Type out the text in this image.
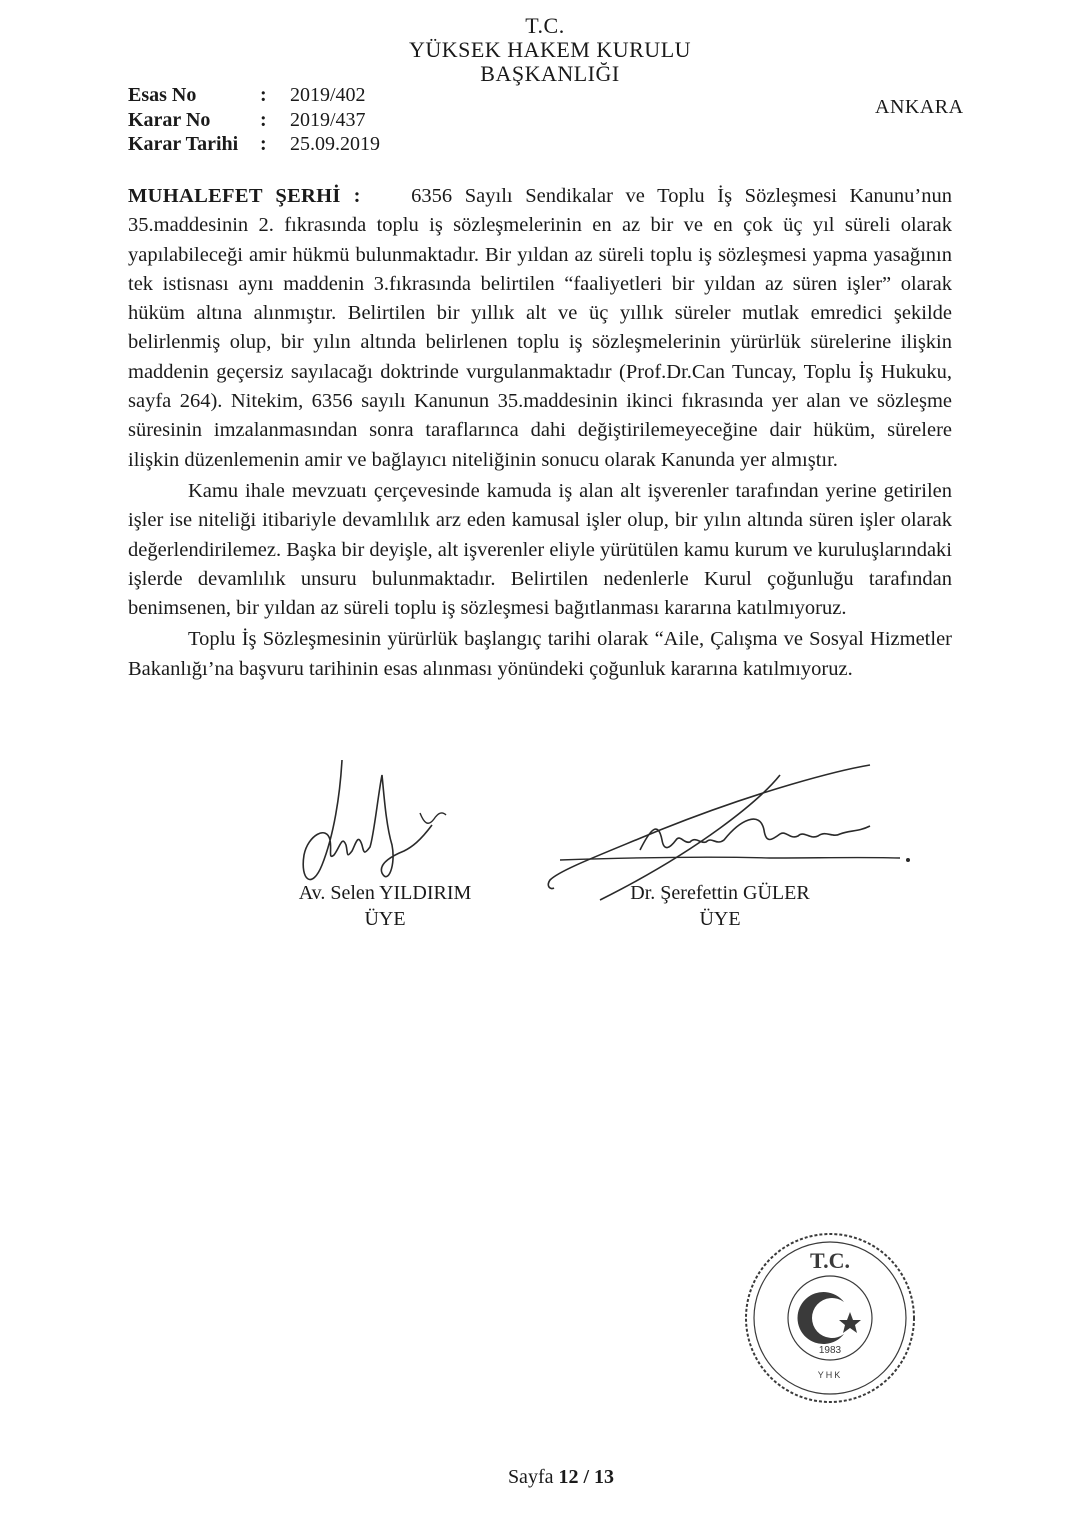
T.C.
YÜKSEK HAKEM KURULU
BAŞKANLIĞI
Esas No	:	2019/402
Karar No	:	2019/437
Karar Tarihi	:	25.09.2019
ANKARA

MUHALEFET ŞERHİ : 6356 Sayılı Sendikalar ve Toplu İş Sözleşmesi Kanunu’nun 35.maddesinin 2. fıkrasında toplu iş sözleşmelerinin en az bir ve en çok üç yıl süreli olarak yapılabileceği amir hükmü bulunmaktadır. Bir yıldan az süreli toplu iş sözleşmesi yapma yasağının tek istisnası aynı maddenin 3.fıkrasında belirtilen “faaliyetleri bir yıldan az süren işler” olarak hüküm altına alınmıştır. Belirtilen bir yıllık alt ve üç yıllık süreler mutlak emredici şekilde belirlenmiş olup, bir yılın altında belirlenen toplu iş sözleşmelerinin yürürlük sürelerine ilişkin maddenin geçersiz sayılacağı doktrinde vurgulanmaktadır (Prof.Dr.Can Tuncay, Toplu İş Hukuku, sayfa 264). Nitekim, 6356 sayılı Kanunun 35.maddesinin ikinci fıkrasında yer alan ve sözleşme süresinin imzalanmasından sonra taraflarınca dahi değiştirilemeyeceğine dair hüküm, sürelere ilişkin düzenlemenin amir ve bağlayıcı niteliğinin sonucu olarak Kanunda yer almıştır.

Kamu ihale mevzuatı çerçevesinde kamuda iş alan alt işverenler tarafından yerine getirilen işler ise niteliği itibariyle devamlılık arz eden kamusal işler olup, bir yılın altında süren işler olarak değerlendirilemez. Başka bir deyişle, alt işverenler eliyle yürütülen kamu kurum ve kuruluşlarındaki işlerde devamlılık unsuru bulunmaktadır. Belirtilen nedenlerle Kurul çoğunluğu tarafından benimsenen, bir yıldan az süreli toplu iş sözleşmesi bağıtlanması kararına katılmıyoruz.

Toplu İş Sözleşmesinin yürürlük başlangıç tarihi olarak “Aile, Çalışma ve Sosyal Hizmetler Bakanlığı’na başvuru tarihinin esas alınması yönündeki çoğunluk kararına katılmıyoruz.

Av. Selen YILDIRIM
ÜYE
Dr. Şerefettin GÜLER
ÜYE
T.C.
1983
YHK
Sayfa 12 / 13
